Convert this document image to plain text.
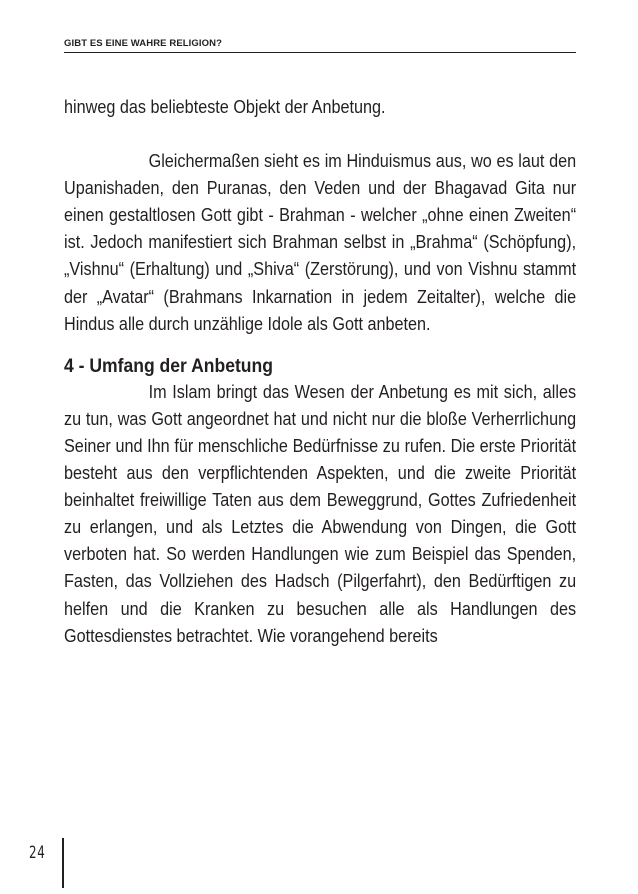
GIBT ES EINE WAHRE RELIGION?

hinweg das beliebteste Objekt der Anbetung.

Gleichermaßen sieht es im Hinduismus aus, wo es laut den Upanishaden, den Puranas, den Veden und der Bhagavad Gita nur einen gestaltlosen Gott gibt - Brahman - welcher „ohne einen Zweiten“ ist. Jedoch manifestiert sich Brahman selbst in „Brahma“ (Schöpfung), „Vishnu“ (Erhaltung) und „Shiva“ (Zerstörung), und von Vishnu stammt der „Avatar“ (Brahmans Inkarnation in jedem Zeitalter), welche die Hindus alle durch unzählige Idole als Gott anbeten.

4 - Umfang der Anbetung

Im Islam bringt das Wesen der Anbetung es mit sich, alles zu tun, was Gott angeordnet hat und nicht nur die bloße Verherrlichung Seiner und Ihn für menschliche Bedürfnisse zu rufen. Die erste Priorität besteht aus den verpflichtenden Aspekten, und die zweite Priorität beinhaltet freiwillige Taten aus dem Beweggrund, Gottes Zufriedenheit zu erlangen, und als Letztes die Abwendung von Dingen, die Gott verboten hat. So werden Handlungen wie zum Beispiel das Spenden, Fasten, das Vollziehen des Hadsch (Pilgerfahrt), den Bedürftigen zu helfen und die Kranken zu besuchen alle als Handlungen des Gottesdienstes betrachtet. Wie vorangehend bereits

24
